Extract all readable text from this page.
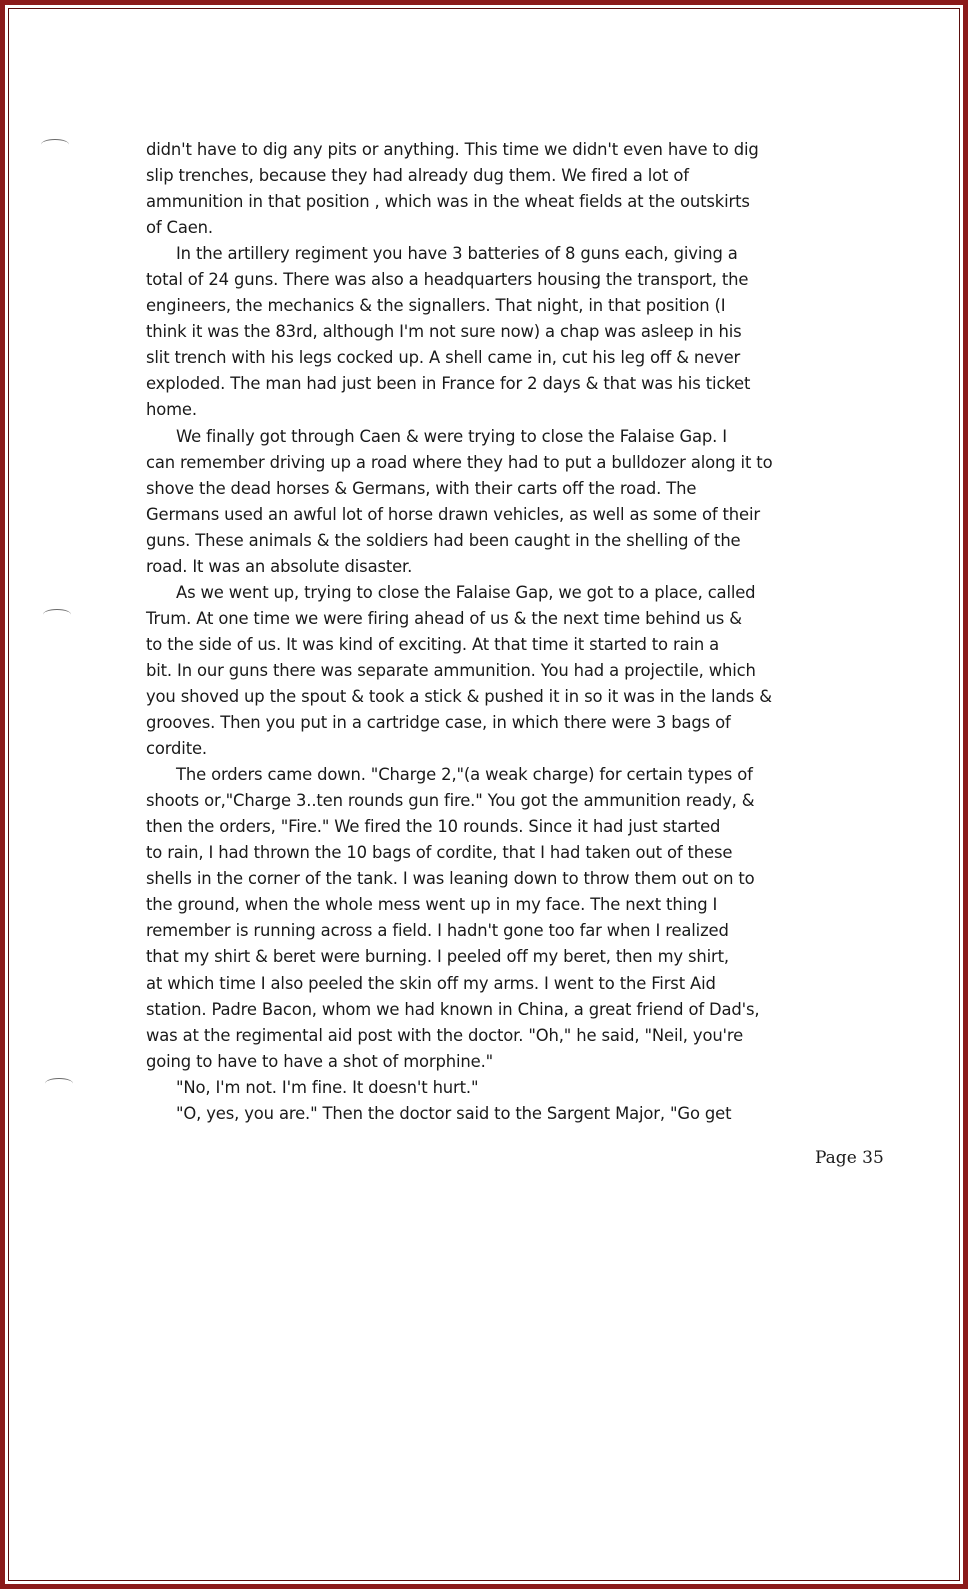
didn't have to dig any pits or anything. This time we didn't even have to dig
slip trenches, because they had already dug them. We fired a lot of
ammunition in that position , which was in the wheat fields at the outskirts
of Caen.
In the artillery regiment you have 3 batteries of 8 guns each, giving a
total of 24 guns. There was also a headquarters housing the transport, the
engineers, the mechanics & the signallers. That night, in that position (I
think it was the 83rd, although I'm not sure now) a chap was asleep in his
slit trench with his legs cocked up. A shell came in, cut his leg off & never
exploded. The man had just been in France for 2 days & that was his ticket
home.
We finally got through Caen & were trying to close the Falaise Gap. I
can remember driving up a road where they had to put a bulldozer along it to
shove the dead horses & Germans, with their carts off the road. The
Germans used an awful lot of horse drawn vehicles, as well as some of their
guns. These animals & the soldiers had been caught in the shelling of the
road. It was an absolute disaster.
As we went up, trying to close the Falaise Gap, we got to a place, called
Trum. At one time we were firing ahead of us & the next time behind us &
to the side of us. It was kind of exciting. At that time it started to rain a
bit. In our guns there was separate ammunition. You had a projectile, which
you shoved up the spout & took a stick & pushed it in so it was in the lands &
grooves. Then you put in a cartridge case, in which there were 3 bags of
cordite.
The orders came down. "Charge 2,"(a weak charge) for certain types of
shoots or,"Charge 3..ten rounds gun fire." You got the ammunition ready, &
then the orders, "Fire." We fired the 10 rounds. Since it had just started
to rain, I had thrown the 10 bags of cordite, that I had taken out of these
shells in the corner of the tank. I was leaning down to throw them out on to
the ground, when the whole mess went up in my face. The next thing I
remember is running across a field. I hadn't gone too far when I realized
that my shirt & beret were burning. I peeled off my beret, then my shirt,
at which time I also peeled the skin off my arms. I went to the First Aid
station. Padre Bacon, whom we had known in China, a great friend of Dad's,
was at the regimental aid post with the doctor. "Oh," he said, "Neil, you're
going to have to have a shot of morphine."
"No, I'm not. I'm fine. It doesn't hurt."
"O, yes, you are." Then the doctor said to the Sargent Major, "Go get
Page 35
